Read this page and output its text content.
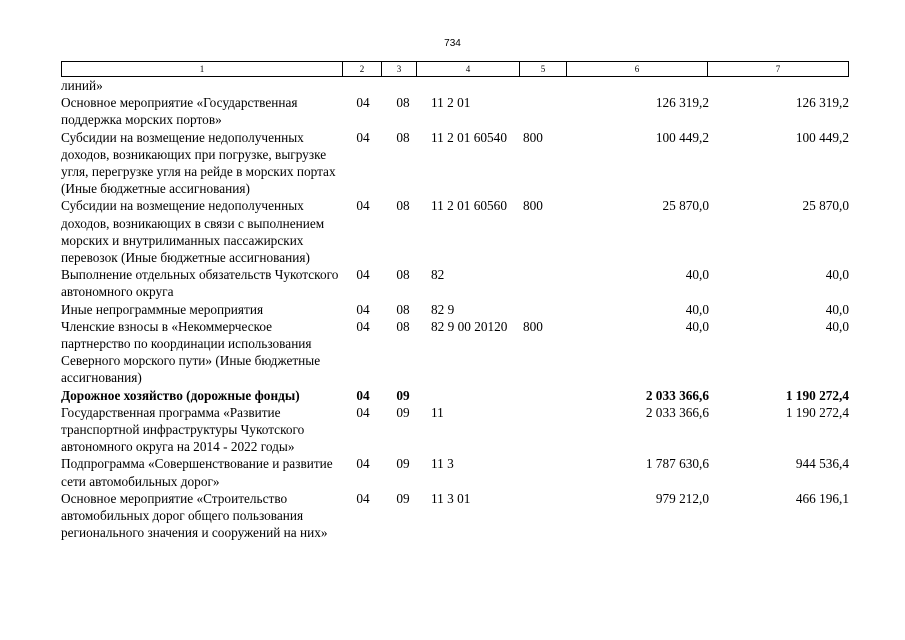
734
1	2	3	4	5	6	7
линий»						
Основное мероприятие «Государственная поддержка морских портов»	04	08	11 2 01		126 319,2	126 319,2
Субсидии на возмещение недополученных доходов, возникающих при погрузке, выгрузке угля, перегрузке угля на рейде в морских портах (Иные бюджетные ассигнования)	04	08	11 2 01 60540	800	100 449,2	100 449,2
Субсидии на возмещение недополученных доходов, возникающих в связи с выполнением морских и внутрилиманных пассажирских перевозок (Иные бюджетные ассигнования)	04	08	11 2 01 60560	800	25 870,0	25 870,0
Выполнение отдельных обязательств Чукотского автономного округа	04	08	82		40,0	40,0
Иные непрограммные мероприятия	04	08	82 9		40,0	40,0
Членские взносы в «Некоммерческое партнерство по координации использования Северного морского пути» (Иные бюджетные ассигнования)	04	08	82 9 00 20120	800	40,0	40,0
Дорожное хозяйство (дорожные фонды)	04	09			2 033 366,6	1 190 272,4
Государственная программа «Развитие транспортной инфраструктуры Чукотского автономного округа на 2014 - 2022 годы»	04	09	11		2 033 366,6	1 190 272,4
Подпрограмма «Совершенствование и развитие сети автомобильных дорог»	04	09	11 3		1 787 630,6	944 536,4
Основное мероприятие «Строительство автомобильных дорог общего пользования регионального значения и сооружений на них»	04	09	11 3 01		979 212,0	466 196,1
